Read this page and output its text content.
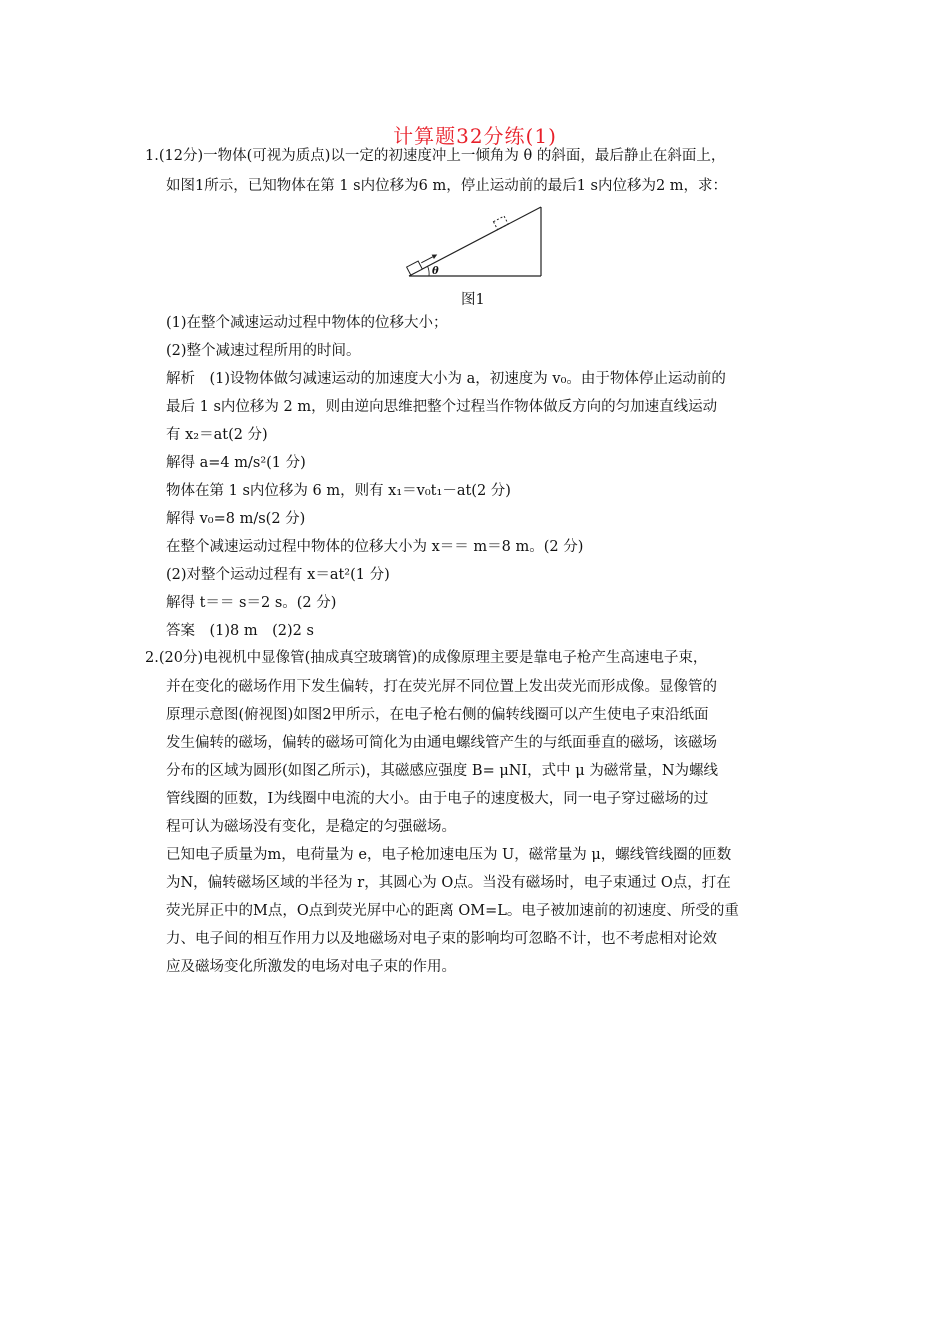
计算题32分练(1)
1.(12分)一物体(可视为质点)以一定的初速度冲上一倾角为 θ 的斜面，最后静止在斜面上，
如图1所示，已知物体在第 1 s内位移为6 m，停止运动前的最后1 s内位移为2 m，求：
θ
图1
(1)在整个减速运动过程中物体的位移大小；
(2)整个减速过程所用的时间。
解析　(1)设物体做匀减速运动的加速度大小为 a，初速度为 v₀。由于物体停止运动前的
最后 1 s内位移为 2 m，则由逆向思维把整个过程当作物体做反方向的匀加速直线运动
有 x₂＝at(2 分)
解得 a=4 m/s²(1 分)
物体在第 1 s内位移为 6 m，则有 x₁＝v₀t₁－at(2 分)
解得 v₀=8 m/s(2 分)
在整个减速运动过程中物体的位移大小为 x＝＝ m＝8 m。(2 分)
(2)对整个运动过程有 x＝at²(1 分)
解得 t＝＝ s＝2 s。(2 分)
答案　(1)8 m　(2)2 s
2.(20分)电视机中显像管(抽成真空玻璃管)的成像原理主要是靠电子枪产生高速电子束，
并在变化的磁场作用下发生偏转，打在荧光屏不同位置上发出荧光而形成像。显像管的
原理示意图(俯视图)如图2甲所示，在电子枪右侧的偏转线圈可以产生使电子束沿纸面
发生偏转的磁场，偏转的磁场可简化为由通电螺线管产生的与纸面垂直的磁场，该磁场
分布的区域为圆形(如图乙所示)，其磁感应强度 B= μNI，式中 μ 为磁常量，N为螺线
管线圈的匝数，I为线圈中电流的大小。由于电子的速度极大，同一电子穿过磁场的过
程可认为磁场没有变化，是稳定的匀强磁场。
已知电子质量为m，电荷量为 e，电子枪加速电压为 U，磁常量为 μ，螺线管线圈的匝数
为N，偏转磁场区域的半径为 r，其圆心为 O点。当没有磁场时，电子束通过 O点，打在
荧光屏正中的M点，O点到荧光屏中心的距离 OM=L。电子被加速前的初速度、所受的重
力、电子间的相互作用力以及地磁场对电子束的影响均可忽略不计，也不考虑相对论效
应及磁场变化所激发的电场对电子束的作用。
